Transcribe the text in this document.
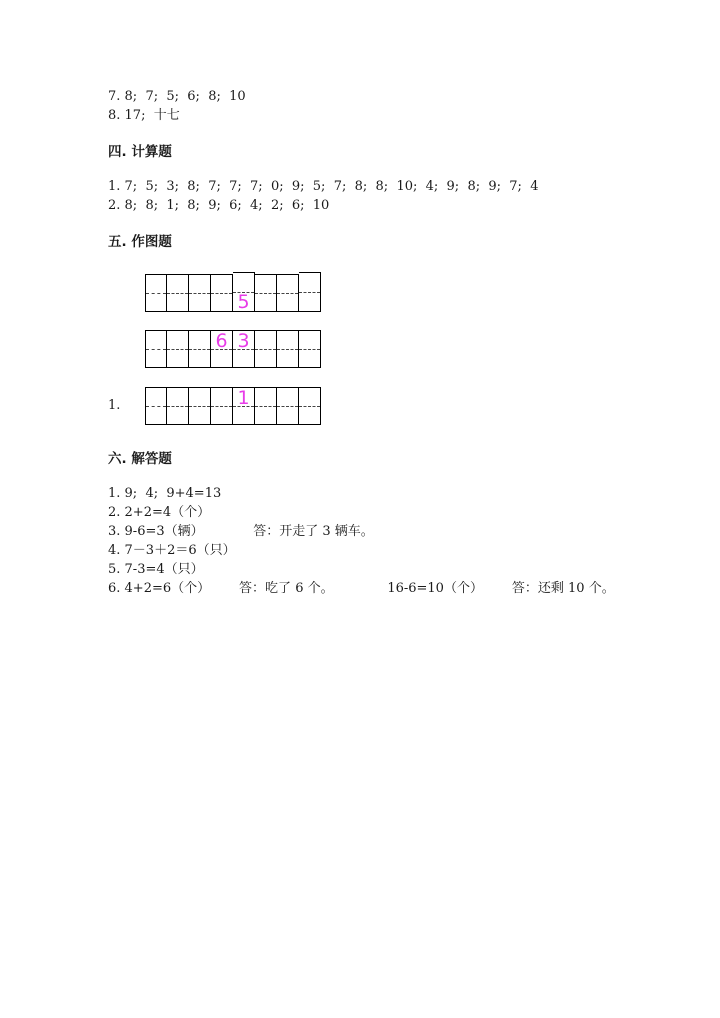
7. 8;  7;  5;  6;  8;  10
8. 17;  十七
四. 计算题
1. 7;  5;  3;  8;  7;  7;  7;  0;  9;  5;  7;  8;  8;  10;  4;  9;  8;  9;  7;  4
2. 8;  8;  1;  8;  9;  6;  4;  2;  6;  10
五. 作图题
5
6 3
1
1.
六. 解答题
1. 9;  4;  9+4=13
2. 2+2=4（个）
3. 9-6=3（辆）            答：开走了 3 辆车。
4. 7－3＋2＝6（只）
5. 7-3=4（只）
6. 4+2=6（个）       答：吃了 6 个。             16-6=10（个）       答：还剩 10 个。
